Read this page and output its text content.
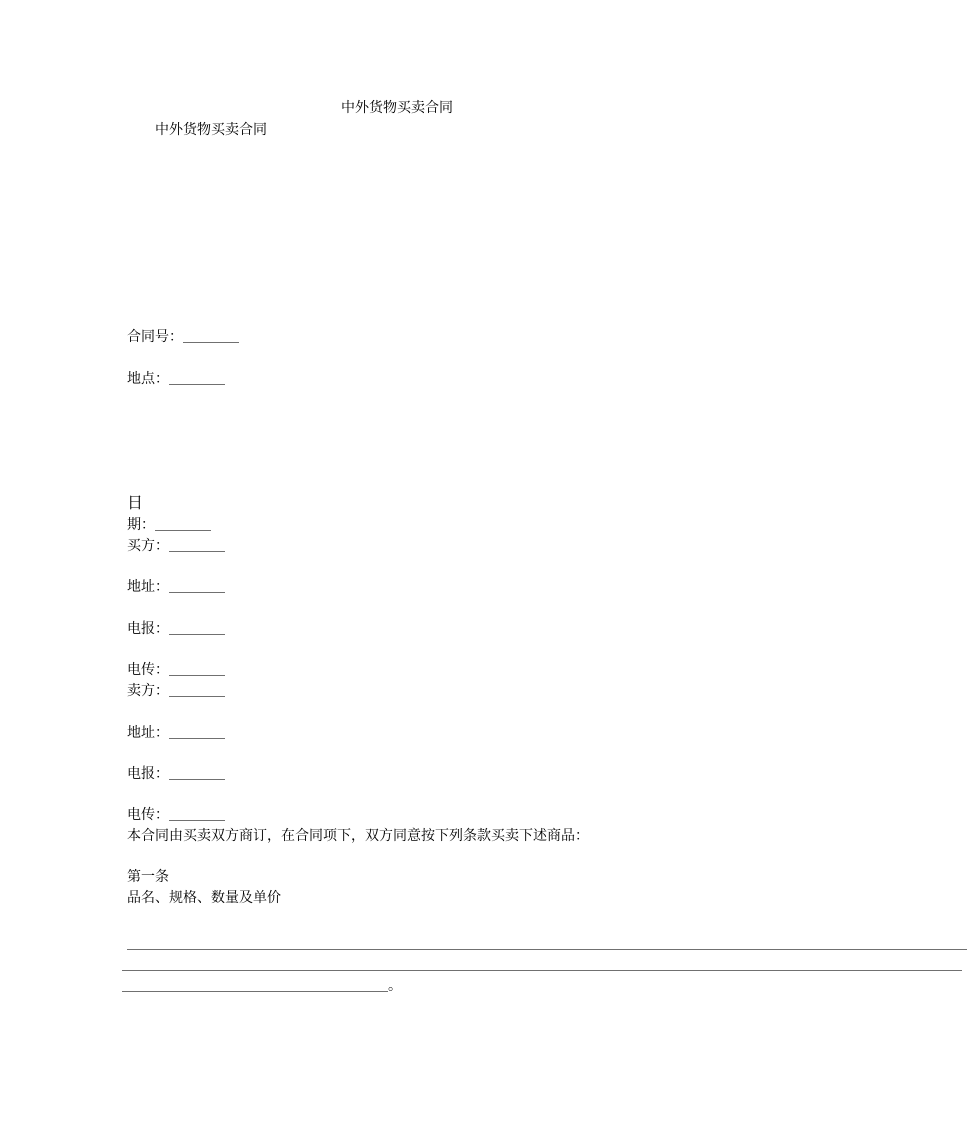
中外货物买卖合同

中外货物买卖合同

合同号：＿＿＿＿

地点：＿＿＿＿

日

期：＿＿＿＿

买方：＿＿＿＿

地址：＿＿＿＿

电报：＿＿＿＿

电传：＿＿＿＿

卖方：＿＿＿＿

地址：＿＿＿＿

电报：＿＿＿＿

电传：＿＿＿＿

本合同由买卖双方商订，在合同项下，双方同意按下列条款买卖下述商品：

第一条

品名、规格、数量及单价

＿＿＿＿＿＿＿＿＿＿＿＿＿＿＿＿＿＿＿＿＿＿＿＿＿＿＿＿＿＿＿＿＿＿＿＿＿＿＿＿＿＿＿＿＿＿＿＿＿＿＿＿＿＿＿＿＿＿＿＿
＿＿＿＿＿＿＿＿＿＿＿＿＿＿＿＿＿＿＿＿＿＿＿＿＿＿＿＿＿＿＿＿＿＿＿＿＿＿＿＿＿＿＿＿＿＿＿＿＿＿＿＿＿＿＿＿＿＿＿＿
＿＿＿＿＿＿＿＿＿＿＿＿＿＿＿＿＿＿＿。
